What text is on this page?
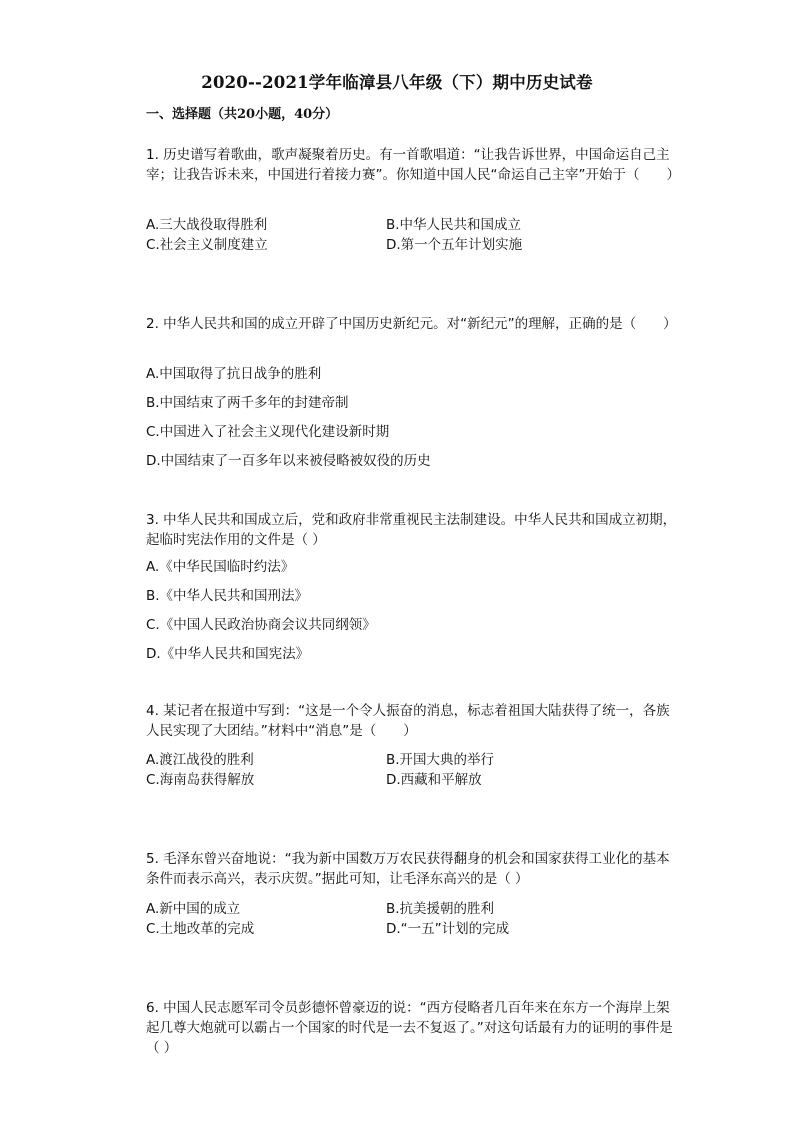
2020--2021学年临漳县八年级（下）期中历史试卷
一、选择题（共20小题，40分）

1. 历史谱写着歌曲，歌声凝聚着历史。有一首歌唱道：“让我告诉世界，中国命运自己主宰；让我告诉未来，中国进行着接力赛”。你知道中国人民“命运自己主宰”开始于（　　）

A.三大战役取得胜利	B.中华人民共和国成立
C.社会主义制度建立	D.第一个五年计划实施

2. 中华人民共和国的成立开辟了中国历史新纪元。对“新纪元”的理解，正确的是（　　）

A.中国取得了抗日战争的胜利
B.中国结束了两千多年的封建帝制
C.中国进入了社会主义现代化建设新时期
D.中国结束了一百多年以来被侵略被奴役的历史

3. 中华人民共和国成立后，党和政府非常重视民主法制建设。中华人民共和国成立初期，起临时宪法作用的文件是（ ）

A.《中华民国临时约法》
B.《中华人民共和国刑法》
C.《中国人民政治协商会议共同纲领》
D.《中华人民共和国宪法》

4. 某记者在报道中写到：“这是一个令人振奋的消息，标志着祖国大陆获得了统一，各族人民实现了大团结。”材料中“消息”是（　　）

A.渡江战役的胜利	B.开国大典的举行
C.海南岛获得解放	D.西藏和平解放

5. 毛泽东曾兴奋地说：“我为新中国数万万农民获得翻身的机会和国家获得工业化的基本条件而表示高兴，表示庆贺。”据此可知，让毛泽东高兴的是（ ）

A.新中国的成立	B.抗美援朝的胜利
C.土地改革的完成	D.“一五”计划的完成

6. 中国人民志愿军司令员彭德怀曾豪迈的说：“西方侵略者几百年来在东方一个海岸上架起几尊大炮就可以霸占一个国家的时代是一去不复返了。”对这句话最有力的证明的事件是（ ）
